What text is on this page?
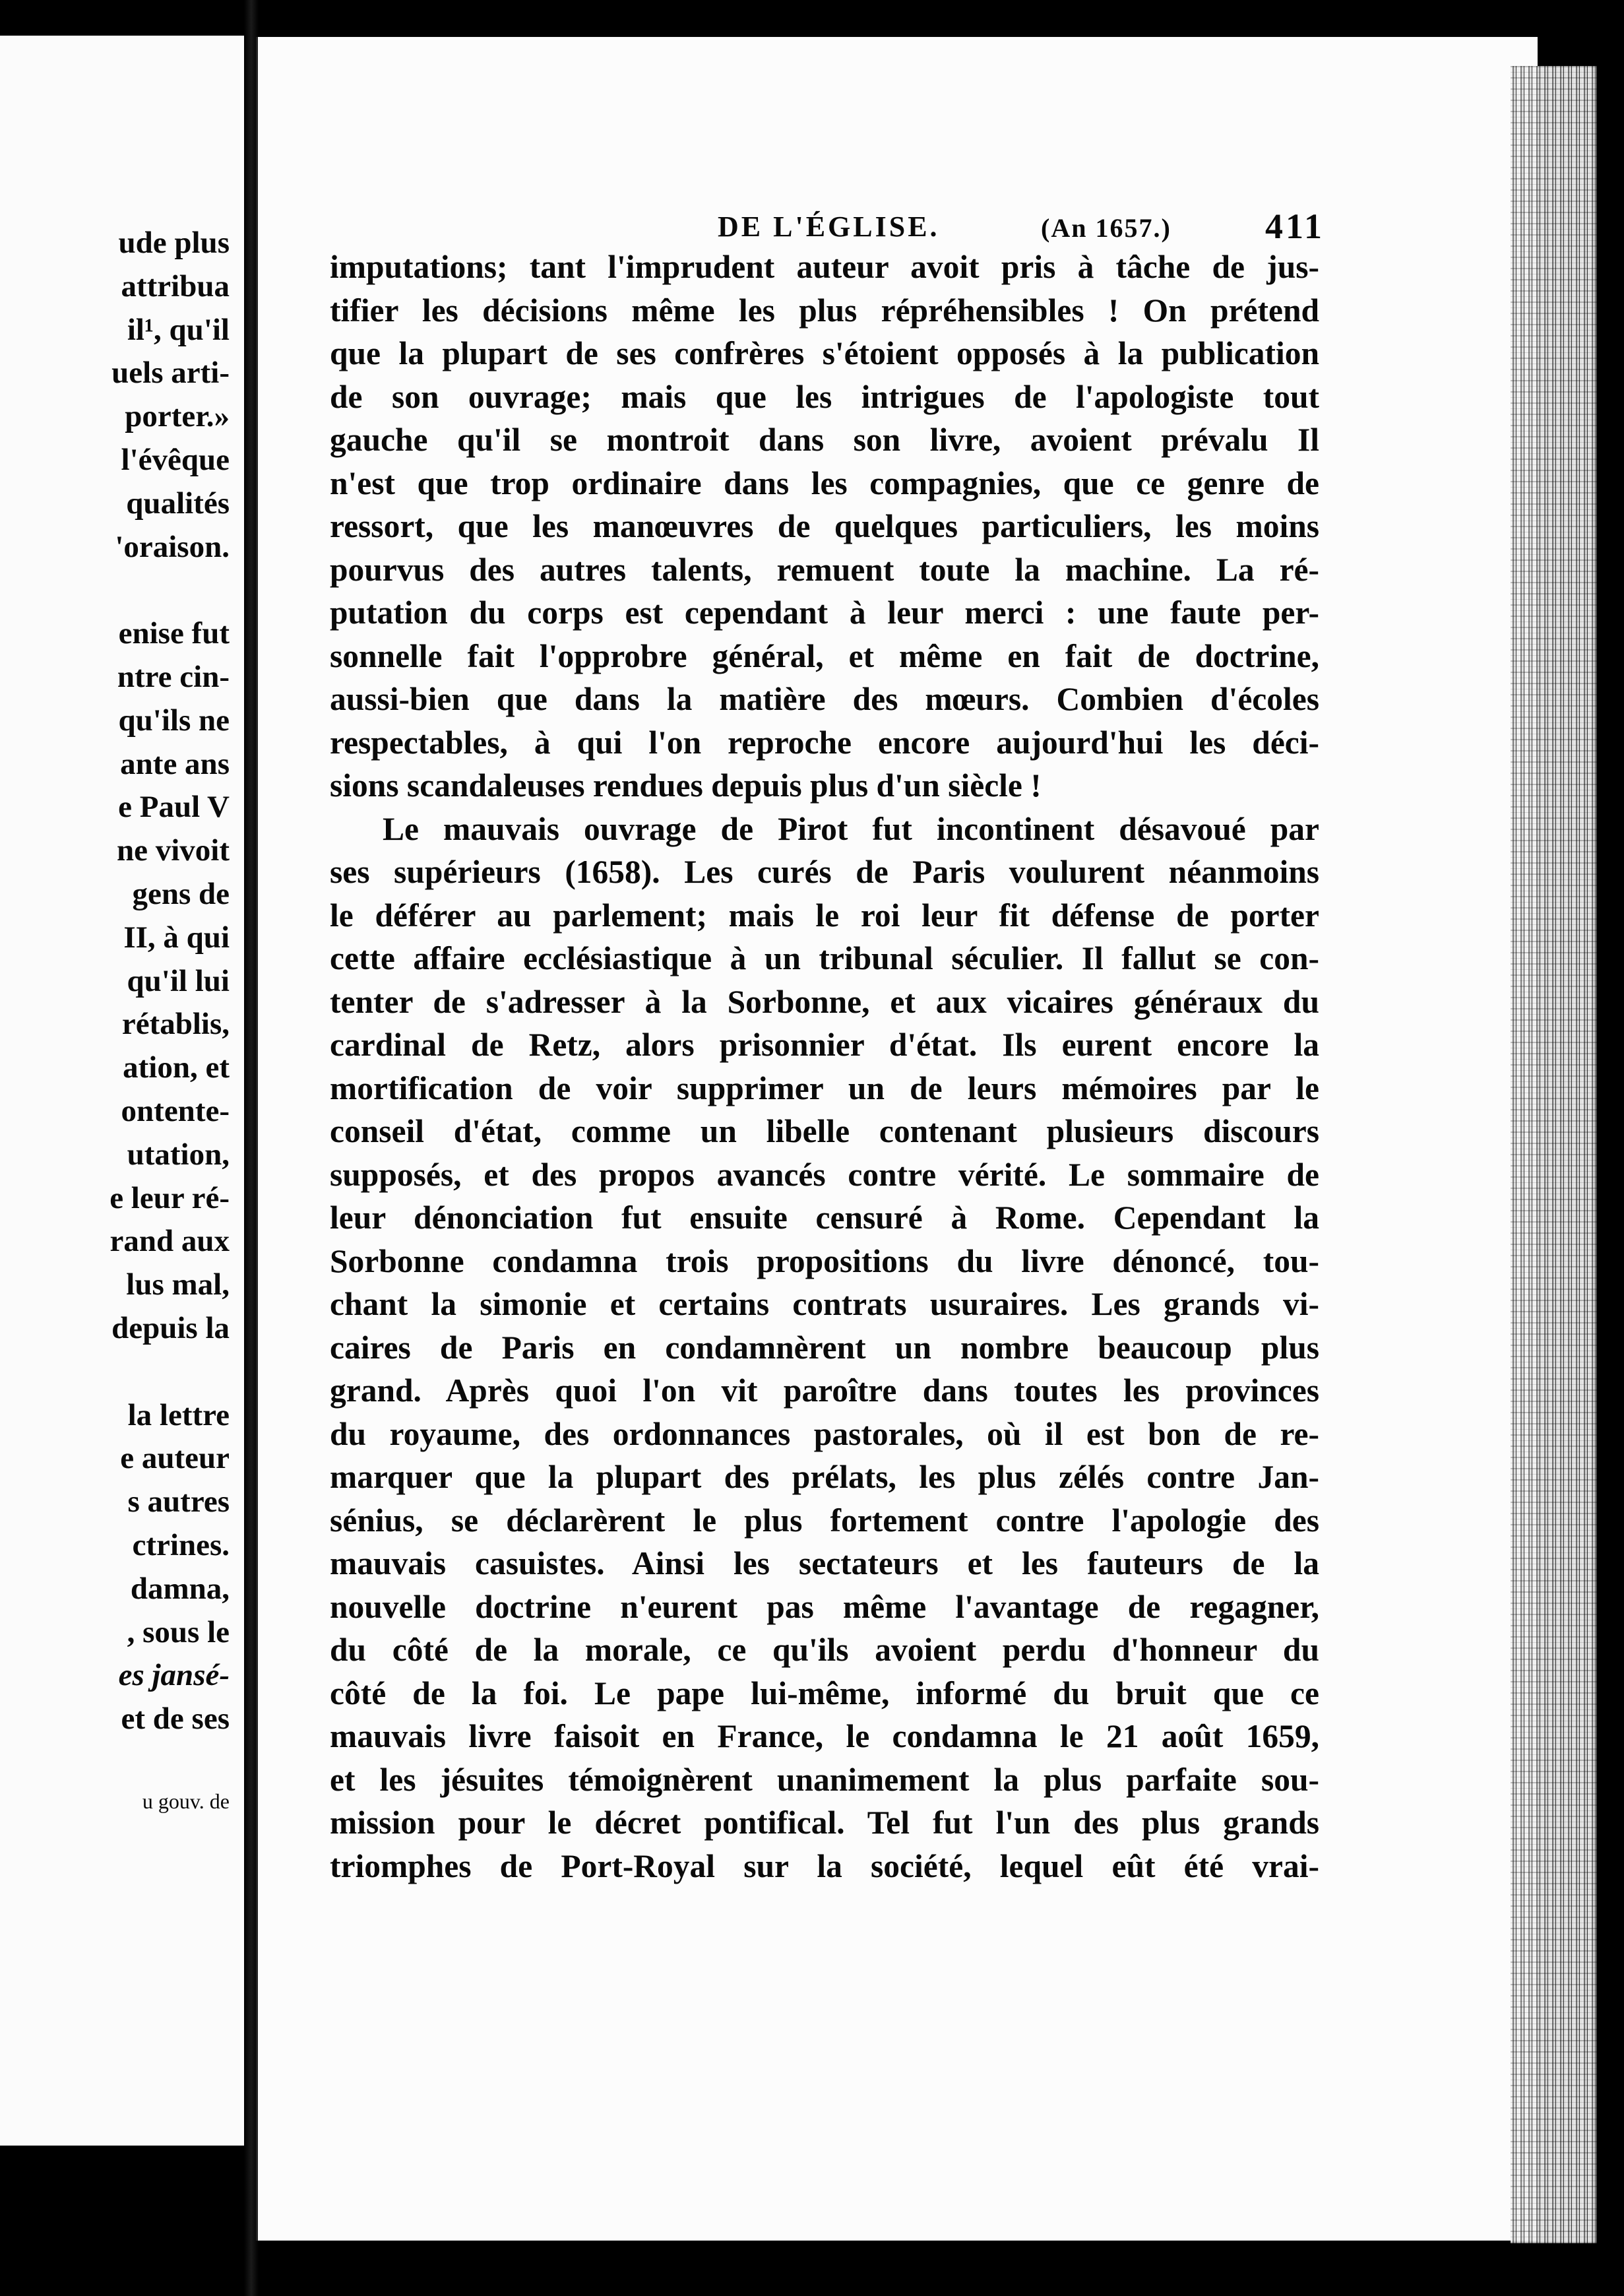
ude plus
attribua
il¹, qu'il
uels arti-
porter.»
l'évêque
qualités
'oraison.
enise fut
ntre cin-
qu'ils ne
ante ans
e Paul V
ne vivoit
gens de
II, à qui
qu'il lui
rétablis,
ation, et
ontente-
utation,
e leur ré-
rand aux
lus mal,
depuis la
la lettre
e auteur
s autres
ctrines.
damna,
, sous le
es jansé-
et de ses
u gouv. de
DE L'ÉGLISE.	(An 1657.)	411
imputations; tant l'imprudent auteur avoit pris à tâche de jus-
tifier les décisions même les plus répréhensibles ! On prétend
que la plupart de ses confrères s'étoient opposés à la publication
de son ouvrage; mais que les intrigues de l'apologiste tout
gauche qu'il se montroit dans son livre, avoient prévalu Il
n'est que trop ordinaire dans les compagnies, que ce genre de
ressort, que les manœuvres de quelques particuliers, les moins
pourvus des autres talents, remuent toute la machine. La ré-
putation du corps est cependant à leur merci : une faute per-
sonnelle fait l'opprobre général, et même en fait de doctrine,
aussi-bien que dans la matière des mœurs. Combien d'écoles
respectables, à qui l'on reproche encore aujourd'hui les déci-
sions scandaleuses rendues depuis plus d'un siècle !
Le mauvais ouvrage de Pirot fut incontinent désavoué par
ses supérieurs (1658). Les curés de Paris voulurent néanmoins
le déférer au parlement; mais le roi leur fit défense de porter
cette affaire ecclésiastique à un tribunal séculier. Il fallut se con-
tenter de s'adresser à la Sorbonne, et aux vicaires généraux du
cardinal de Retz, alors prisonnier d'état. Ils eurent encore la
mortification de voir supprimer un de leurs mémoires par le
conseil d'état, comme un libelle contenant plusieurs discours
supposés, et des propos avancés contre vérité. Le sommaire de
leur dénonciation fut ensuite censuré à Rome. Cependant la
Sorbonne condamna trois propositions du livre dénoncé, tou-
chant la simonie et certains contrats usuraires. Les grands vi-
caires de Paris en condamnèrent un nombre beaucoup plus
grand. Après quoi l'on vit paroître dans toutes les provinces
du royaume, des ordonnances pastorales, où il est bon de re-
marquer que la plupart des prélats, les plus zélés contre Jan-
sénius, se déclarèrent le plus fortement contre l'apologie des
mauvais casuistes. Ainsi les sectateurs et les fauteurs de la
nouvelle doctrine n'eurent pas même l'avantage de regagner,
du côté de la morale, ce qu'ils avoient perdu d'honneur du
côté de la foi. Le pape lui-même, informé du bruit que ce
mauvais livre faisoit en France, le condamna le 21 août 1659,
et les jésuites témoignèrent unanimement la plus parfaite sou-
mission pour le décret pontifical. Tel fut l'un des plus grands
triomphes de Port-Royal sur la société, lequel eût été vrai-
